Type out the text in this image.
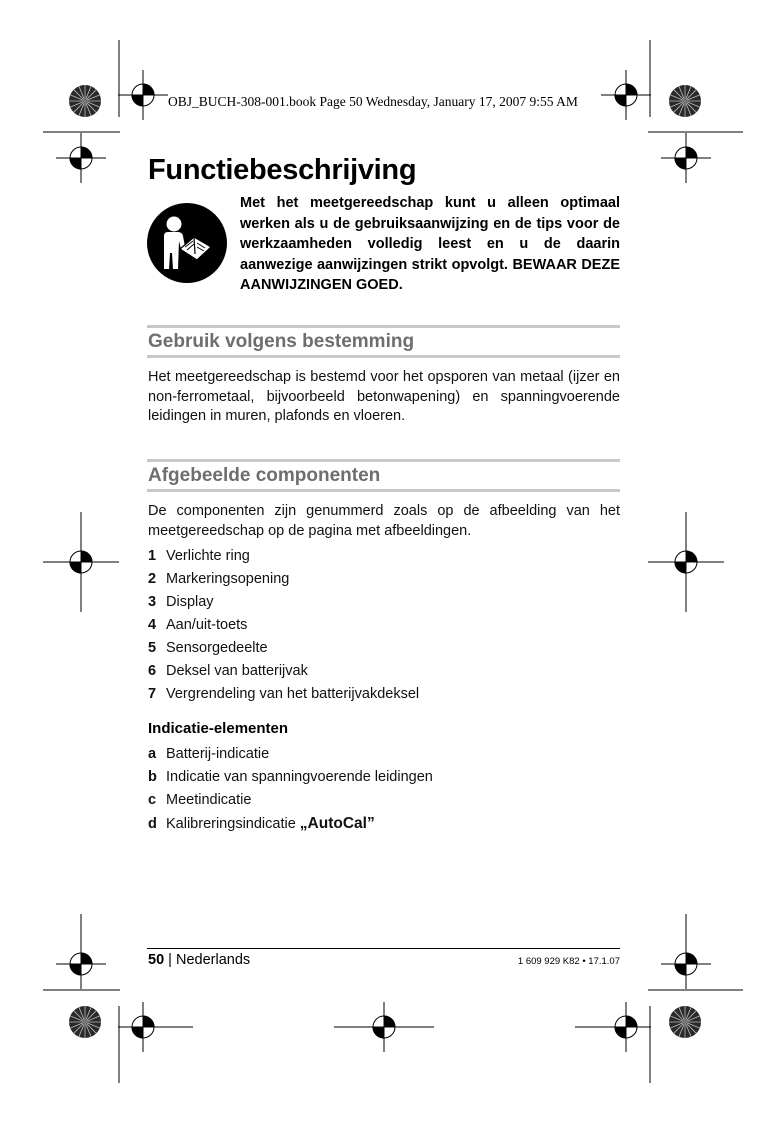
OBJ_BUCH-308-001.book Page 50 Wednesday, January 17, 2007 9:55 AM
Functiebeschrijving

Met het meetgereedschap kunt u alleen optimaal werken als u de gebruiksaanwijzing en de tips voor de werkzaamheden volledig leest en u de daarin aanwezige aanwijzingen strikt opvolgt. BEWAAR DEZE AANWIJZINGEN GOED.

Gebruik volgens bestemming

Het meetgereedschap is bestemd voor het opsporen van metaal (ijzer en non-ferrometaal, bijvoorbeeld betonwapening) en spanningvoerende leidingen in muren, plafonds en vloeren.

Afgebeelde componenten

De componenten zijn genummerd zoals op de afbeelding van het meetgereedschap op de pagina met afbeeldingen.

1 Verlichte ring
2 Markeringsopening
3 Display
4 Aan/uit-toets
5 Sensorgedeelte
6 Deksel van batterijvak
7 Vergrendeling van het batterijvakdeksel
Indicatie-elementen
a Batterij-indicatie
b Indicatie van spanningvoerende leidingen
c Meetindicatie
d Kalibreringsindicatie „AutoCal”
50 | Nederlands	1 609 929 K82 • 17.1.07
